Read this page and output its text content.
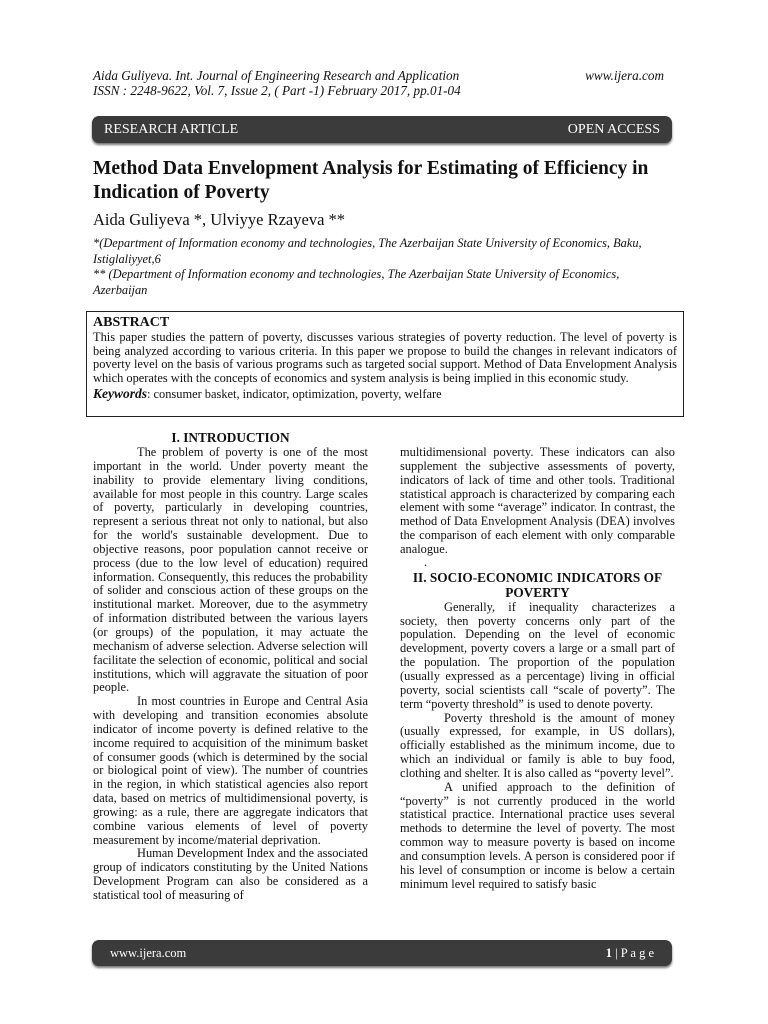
Aida Guliyeva. Int. Journal of Engineering Research and Application
ISSN : 2248-9622, Vol. 7, Issue 2, ( Part -1) February 2017, pp.01-04
www.ijera.com
RESEARCH ARTICLE	OPEN ACCESS
Method Data Envelopment Analysis for Estimating of Efficiency in Indication of Poverty
Aida Guliyeva *, Ulviyye Rzayeva **
*(Department of Information economy and technologies, The Azerbaijan State University of Economics, Baku, Istiglaliyyet,6
** (Department of Information economy and technologies, The Azerbaijan State University of Economics, Azerbaijan
ABSTRACT
This paper studies the pattern of poverty, discusses various strategies of poverty reduction. The level of poverty is being analyzed according to various criteria. In this paper we propose to build the changes in relevant indicators of poverty level on the basis of various programs such as targeted social support. Method of Data Envelopment Analysis which operates with the concepts of economics and system analysis is being implied in this economic study.
Keywords: consumer basket, indicator, optimization, poverty, welfare
I. INTRODUCTION

The problem of poverty is one of the most important in the world. Under poverty meant the inability to provide elementary living conditions, available for most people in this country. Large scales of poverty, particularly in developing countries, represent a serious threat not only to national, but also for the world's sustainable development. Due to objective reasons, poor population cannot receive or process (due to the low level of education) required information. Consequently, this reduces the probability of solider and conscious action of these groups on the institutional market. Moreover, due to the asymmetry of information distributed between the various layers (or groups) of the population, it may actuate the mechanism of adverse selection. Adverse selection will facilitate the selection of economic, political and social institutions, which will aggravate the situation of poor people.

In most countries in Europe and Central Asia with developing and transition economies absolute indicator of income poverty is defined relative to the income required to acquisition of the minimum basket of consumer goods (which is determined by the social or biological point of view). The number of countries in the region, in which statistical agencies also report data, based on metrics of multidimensional poverty, is growing: as a rule, there are aggregate indicators that combine various elements of level of poverty measurement by income/material deprivation.

Human Development Index and the associated group of indicators constituting by the United Nations Development Program can also be considered as a statistical tool of measuring of

multidimensional poverty. These indicators can also supplement the subjective assessments of poverty, indicators of lack of time and other tools. Traditional statistical approach is characterized by comparing each element with some “average” indicator. In contrast, the method of Data Envelopment Analysis (DEA) involves the comparison of each element with only comparable analogue.

.
II. SOCIO-ECONOMIC INDICATORS OF POVERTY

Generally, if inequality characterizes a society, then poverty concerns only part of the population. Depending on the level of economic development, poverty covers a large or a small part of the population. The proportion of the population (usually expressed as a percentage) living in official poverty, social scientists call “scale of poverty”. The term “poverty threshold” is used to denote poverty.

Poverty threshold is the amount of money (usually expressed, for example, in US dollars), officially established as the minimum income, due to which an individual or family is able to buy food, clothing and shelter. It is also called as “poverty level”.

A unified approach to the definition of “poverty” is not currently produced in the world statistical practice. International practice uses several methods to determine the level of poverty. The most common way to measure poverty is based on income and consumption levels. A person is considered poor if his level of consumption or income is below a certain minimum level required to satisfy basic

www.ijera.com	1 | P a g e
